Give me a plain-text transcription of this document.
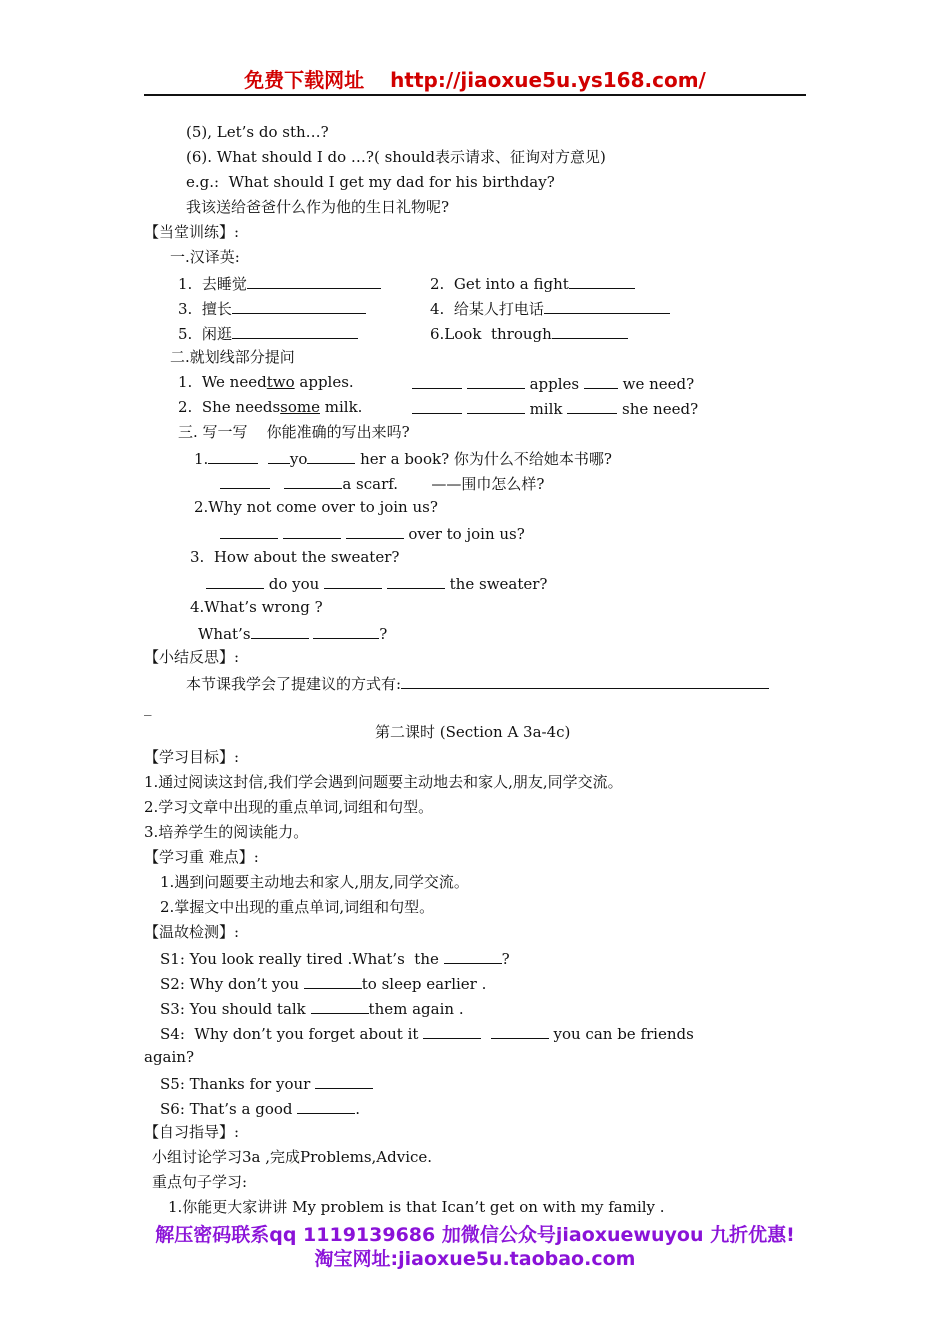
免费下载网址 http://jiaoxue5u.ys168.com/
(5), Let’s do sth…?
(6). What should I do …?( should表示请求、征询对方意见)
e.g.:  What should I get my dad for his birthday?
我该送给爸爸什么作为他的生日礼物呢?
【当堂训练】:
一.汉译英:
1.  去睡觉	2.  Get into a fight
3.  擅长	4.  给某人打电话
5.  闲逛	6.Look  through
二.就划线部分提问
1.  We needtwo apples.	apples	we need?
2.  She needssome milk.	milk	she need?
三. 写一写    你能准确的写出来吗?
1.	yo	her a book? 你为什么不给她本书哪?
a scarf. ——围巾怎么样?
2.Why not come over to join us?
over to join us?
3.  How about the sweater?
do you	the sweater?
4.What’s wrong ?
What’s	?
【小结反思】:
本节课我学会了提建议的方式有:
_
第二课时 (Section A 3a-4c)
【学习目标】:
1.通过阅读这封信,我们学会遇到问题要主动地去和家人,朋友,同学交流。
2.学习文章中出现的重点单词,词组和句型。
3.培养学生的阅读能力。
【学习重 难点】:
1.遇到问题要主动地去和家人,朋友,同学交流。
2.掌握文中出现的重点单词,词组和句型。
【温故检测】:
S1: You look really tired .What’s  the	?
S2: Why don’t you	to sleep earlier .
S3: You should talk	them again .
S4:  Why don’t you forget about it	you can be friends
again?
S5: Thanks for your
S6: That’s a good	.
【自习指导】:
小组讨论学习3a ,完成Problems,Advice.
重点句子学习:
1.你能更大家讲讲 My problem is that Ican’t get on with my family .
解压密码联系qq 1119139686 加微信公众号jiaoxuewuyou 九折优惠!
淘宝网址:jiaoxue5u.taobao.com
